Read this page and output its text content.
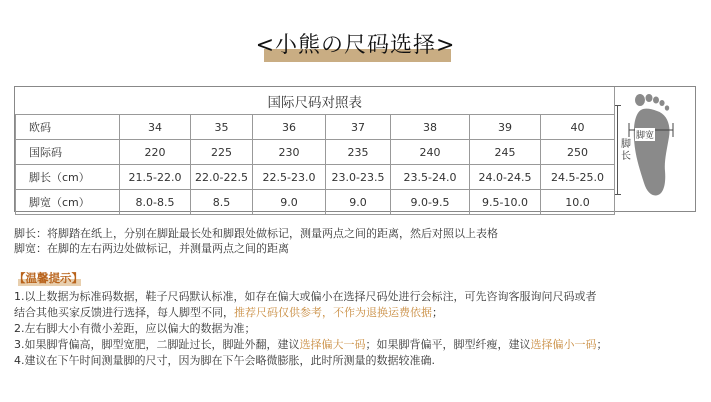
<小熊の尺码选择>
国际尺码对照表							
欧码	34	35	36	37	38	39	40
国际码	220	225	230	235	240	245	250
脚长（cm）	21.5-22.0	22.0-22.5	22.5-23.0	23.0-23.5	23.5-24.0	24.0-24.5	24.5-25.0
脚宽（cm）	8.0-8.5	8.5	9.0	9.0	9.0-9.5	9.5-10.0	10.0
脚长
脚宽
脚长：将脚踏在纸上，分别在脚趾最长处和脚跟处做标记，测量两点之间的距离，然后对照以上表格
脚宽：在脚的左右两边处做标记，并测量两点之间的距离
【温馨提示】
1.以上数据为标准码数据，鞋子尺码默认标准，如存在偏大或偏小在选择尺码处进行会标注，可先咨询客服询问尺码或者
结合其他买家反馈进行选择，每人脚型不同，推荐尺码仅供参考，不作为退换运费依据；
2.左右脚大小有微小差距，应以偏大的数据为准；
3.如果脚背偏高，脚型宽肥，二脚趾过长，脚趾外翻，建议选择偏大一码；如果脚背偏平，脚型纤瘦，建议选择偏小一码；
4.建议在下午时间测量脚的尺寸，因为脚在下午会略微膨胀，此时所测量的数据较准确.
